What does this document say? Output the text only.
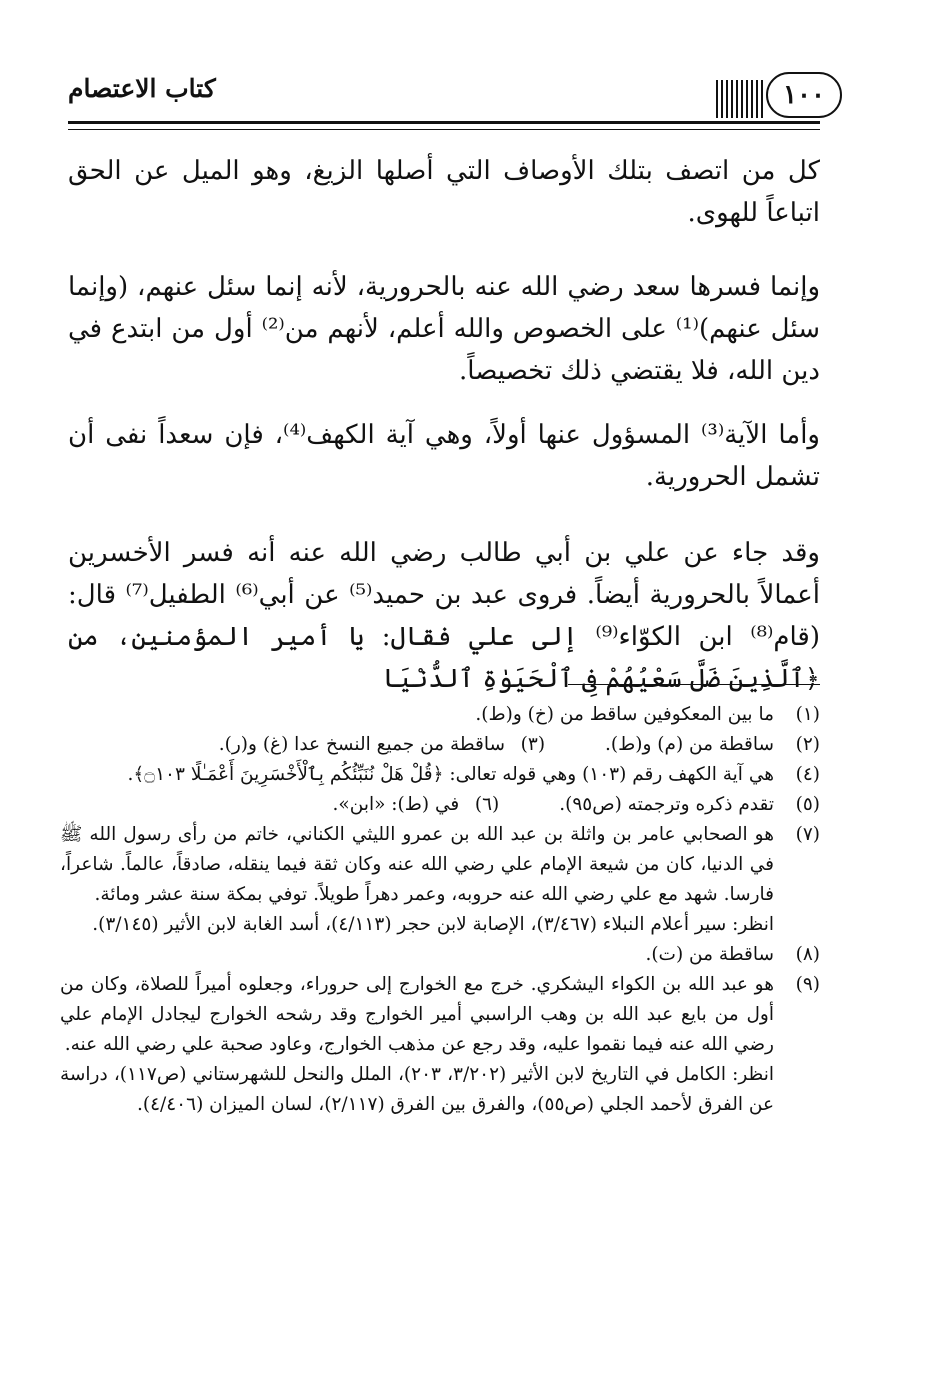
كتاب الاعتصام	١٠٠

كل من اتصف بتلك الأوصاف التي أصلها الزيغ، وهو الميل عن الحق اتباعاً للهوى.

وإنما فسرها سعد رضي الله عنه بالحرورية، لأنه إنما سئل عنهم، (وإنما سئل عنهم)⁽¹⁾ على الخصوص والله أعلم، لأنهم من⁽²⁾ أول من ابتدع في دين الله، فلا يقتضي ذلك تخصيصاً.

وأما الآية⁽³⁾ المسؤول عنها أولاً، وهي آية الكهف⁽⁴⁾، فإن سعداً نفى أن تشمل الحرورية.

وقد جاء عن علي بن أبي طالب رضي الله عنه أنه فسر الأخسرين أعمالاً بالحرورية أيضاً. فروى عبد بن حميد⁽⁵⁾ عن أبي⁽⁶⁾ الطفيل⁽⁷⁾ قال: (قام⁽⁸⁾ ابن الكوّاء⁽⁹⁾ إلى علي فقال: يا أمير المؤمنين، من ﴿ٱلَّذِينَ ضَلَّ سَعْيُهُمْ فِى ٱلْحَيَوٰةِ ٱلدُّنْيَا

(١)
ما بين المعكوفين ساقط من (خ) و(ط).
(٢)
ساقطة من (م) و(ط).
(٣)
ساقطة من جميع النسخ عدا (غ) و(ر).
(٤)
هي آية الكهف رقم (١٠٣) وهي قوله تعالى: ﴿قُلْ هَلْ نُنَبِّئُكُم بِٱلْأَخْسَرِينَ أَعْمَـٰلًا ۝١٠٣﴾.
(٥)
تقدم ذكره وترجمته (ص٩٥).
(٦)
في (ط): «ابن».
(٧)
هو الصحابي عامر بن واثلة بن عبد الله بن عمرو الليثي الكناني، خاتم من رأى رسول الله ﷺ في الدنيا، كان من شيعة الإمام علي رضي الله عنه وكان ثقة فيما ينقله، صادقاً، عالماً. شاعراً، فارسا. شهد مع علي رضي الله عنه حروبه، وعمر دهراً طويلاً. توفي بمكة سنة عشر ومائة.
انظر: سير أعلام النبلاء (٣/٤٦٧)، الإصابة لابن حجر (٤/١١٣)، أسد الغابة لابن الأثير (٣/١٤٥).
(٨)
ساقطة من (ت).
(٩)
هو عبد الله بن الكواء اليشكري. خرج مع الخوارج إلى حروراء، وجعلوه أميراً للصلاة، وكان من أول من بايع عبد الله بن وهب الراسبي أمير الخوارج وقد رشحه الخوارج ليجادل الإمام علي رضي الله عنه فيما نقموا عليه، وقد رجع عن مذهب الخوارج، وعاود صحبة علي رضي الله عنه.
انظر: الكامل في التاريخ لابن الأثير (٣/٢٠٢، ٢٠٣)، الملل والنحل للشهرستاني (ص١١٧)، دراسة عن الفرق لأحمد الجلي (ص٥٥)، والفرق بين الفرق (٢/١١٧)، لسان الميزان (٤/٤٠٦).
